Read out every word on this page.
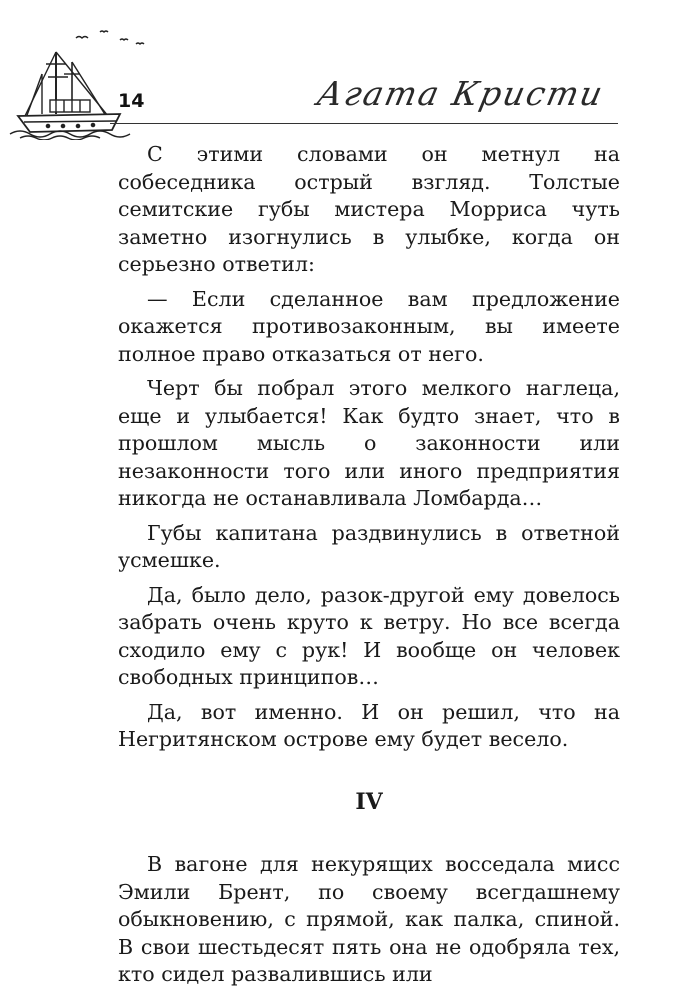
14	Агата Кристи

С этими словами он метнул на собеседника острый взгляд. Толстые семитские губы мистера Морриса чуть заметно изогнулись в улыбке, когда он серьезно ответил:

— Если сделанное вам предложение окажется противозаконным, вы имеете полное право отказаться от него.

Черт бы побрал этого мелкого наглеца, еще и улыбается! Как будто знает, что в прошлом мысль о законности или незаконности того или иного предприятия никогда не останавливала Ломбарда…

Губы капитана раздвинулись в ответной усмешке.

Да, было дело, разок-другой ему довелось забрать очень круто к ветру. Но все всегда сходило ему с рук! И вообще он человек свободных принципов…

Да, вот именно. И он решил, что на Негритянском острове ему будет весело.

IV

В вагоне для некурящих восседала мисс Эмили Брент, по своему всегдашнему обыкновению, с прямой, как палка, спиной. В свои шестьдесят пять она не одобряла тех, кто сидел развалившись или
